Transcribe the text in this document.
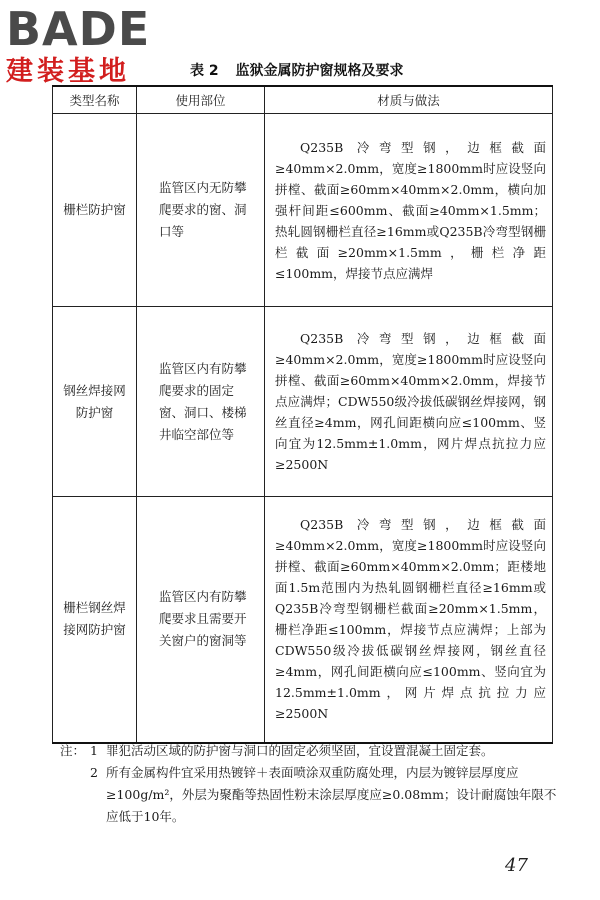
BADE
建装基地	表 2 监狱金属防护窗规格及要求
类型名称	使用部位	材质与做法
栅栏防护窗	监管区内无防攀爬要求的窗、洞口等	Q235B 冷弯型钢，边框截面≥40mm×2.0mm，宽度≥1800mm时应设竖向拼樘、截面≥60mm×40mm×2.0mm，横向加强杆间距≤600mm、截面≥40mm×1.5mm；热轧圆钢栅栏直径≥16mm或Q235B冷弯型钢栅栏截面≥20mm×1.5mm，栅栏净距≤100mm，焊接节点应满焊

钢丝焊接网防护窗	监管区内有防攀爬要求的固定窗、洞口、楼梯井临空部位等	Q235B 冷弯型钢，边框截面≥40mm×2.0mm，宽度≥1800mm时应设竖向拼樘、截面≥60mm×40mm×2.0mm，焊接节点应满焊；CDW550级冷拔低碳钢丝焊接网，钢丝直径≥4mm，网孔间距横向应≤100mm、竖向宜为12.5mm±1.0mm，网片焊点抗拉力应≥2500N

栅栏钢丝焊接网防护窗	监管区内有防攀爬要求且需要开关窗户的窗洞等	Q235B 冷弯型钢，边框截面≥40mm×2.0mm，宽度≥1800mm时应设竖向拼樘、截面≥60mm×40mm×2.0mm；距楼地面1.5m范围内为热轧圆钢栅栏直径≥16mm或Q235B冷弯型钢栅栏截面≥20mm×1.5mm，栅栏净距≤100mm，焊接节点应满焊；上部为CDW550级冷拔低碳钢丝焊接网，钢丝直径≥4mm，网孔间距横向应≤100mm、竖向宜为12.5mm±1.0mm，网片焊点抗拉力应≥2500N
注： 1 罪犯活动区域的防护窗与洞口的固定必须坚固，宜设置混凝土固定套。
2 所有金属构件宜采用热镀锌＋表面喷涂双重防腐处理，内层为镀锌层厚度应≥100g/m²，外层为聚酯等热固性粉末涂层厚度应≥0.08mm；设计耐腐蚀年限不应低于10年。
47
